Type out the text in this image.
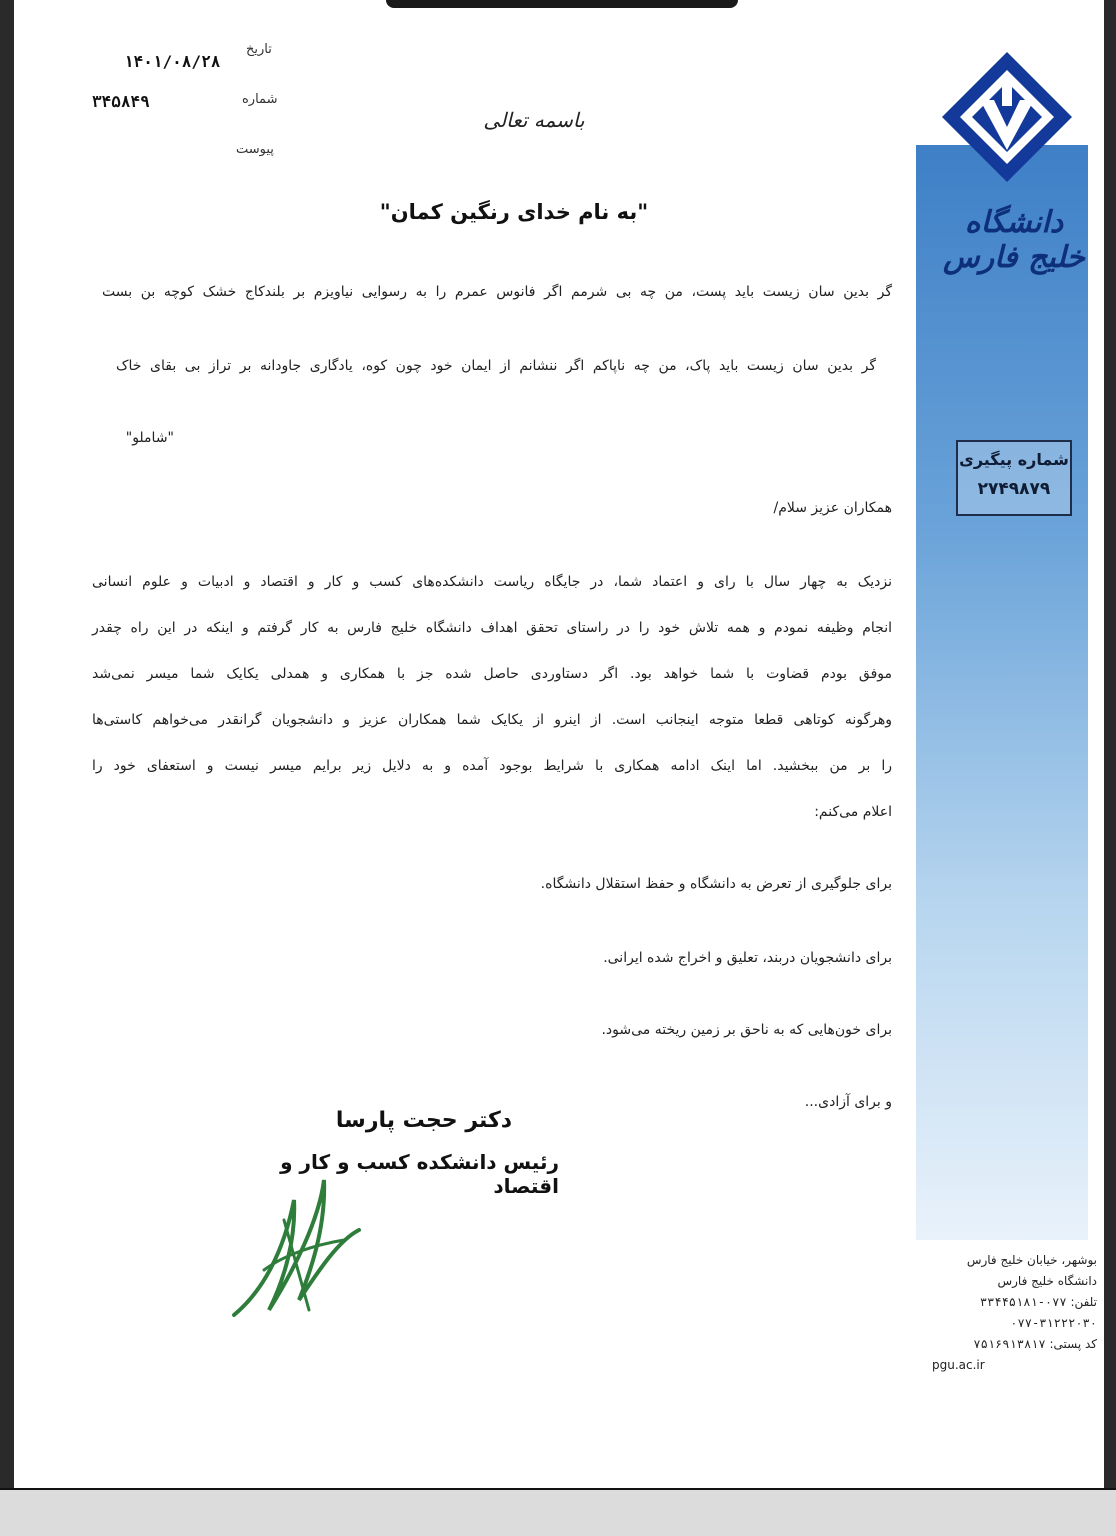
دانشگاه خلیج فارس
تاریخ
۱۴۰۱/۰۸/۲۸
شماره
۳۴۵۸۴۹
پیوست
باسمه تعالی
"به نام خدای رنگین کمان"
گر بدین سان زیست باید پست، من چه بی شرمم اگر فانوس عمرم را به رسوایی نیاویزم بر بلندکاج خشک کوچه بن بست
گر بدین سان زیست باید پاک، من چه ناپاکم اگر ننشانم از ایمان خود چون کوه، یادگاری جاودانه بر تراز بی بقای خاک
"شاملو"
شماره پیگیری
۲۷۴۹۸۷۹
همکاران عزیز سلام/
نزدیک به چهار سال با رای و اعتماد شما، در جایگاه ریاست دانشکده‌های کسب و کار و اقتصاد و ادبیات و علوم انسانی
انجام وظیفه نمودم و همه تلاش خود را در راستای تحقق اهداف دانشگاه خلیج فارس به کار گرفتم و اینکه در این راه چقدر
موفق بودم قضاوت با شما خواهد بود. اگر دستاوردی حاصل شده جز با همکاری و همدلی یکایک شما میسر نمی‌شد
وهرگونه کوتاهی قطعا متوجه اینجانب است. از اینرو از یکایک شما همکاران عزیز و دانشجویان گرانقدر می‌خواهم کاستی‌ها
را بر من ببخشید. اما اینک ادامه همکاری با شرایط بوجود آمده و به دلایل زیر برایم میسر نیست و استعفای خود را
اعلام می‌کنم:
برای جلوگیری از تعرض به دانشگاه و حفظ استقلال دانشگاه.
برای دانشجویان دربند، تعلیق و اخراج شده ایرانی.
برای خون‌هایی که به ناحق بر زمین ریخته می‌شود.
و برای آزادی...
دکتر حجت پارسا
رئیس دانشکده کسب و کار و اقتصاد
بوشهر، خیابان خلیج فارس
دانشگاه خلیج فارس
تلفن: ۰۷۷-۳۳۴۴۵۱۸۱
۰۷۷-۳۱۲۲۲۰۳۰
کد پستی: ۷۵۱۶۹۱۳۸۱۷
pgu.ac.ir
